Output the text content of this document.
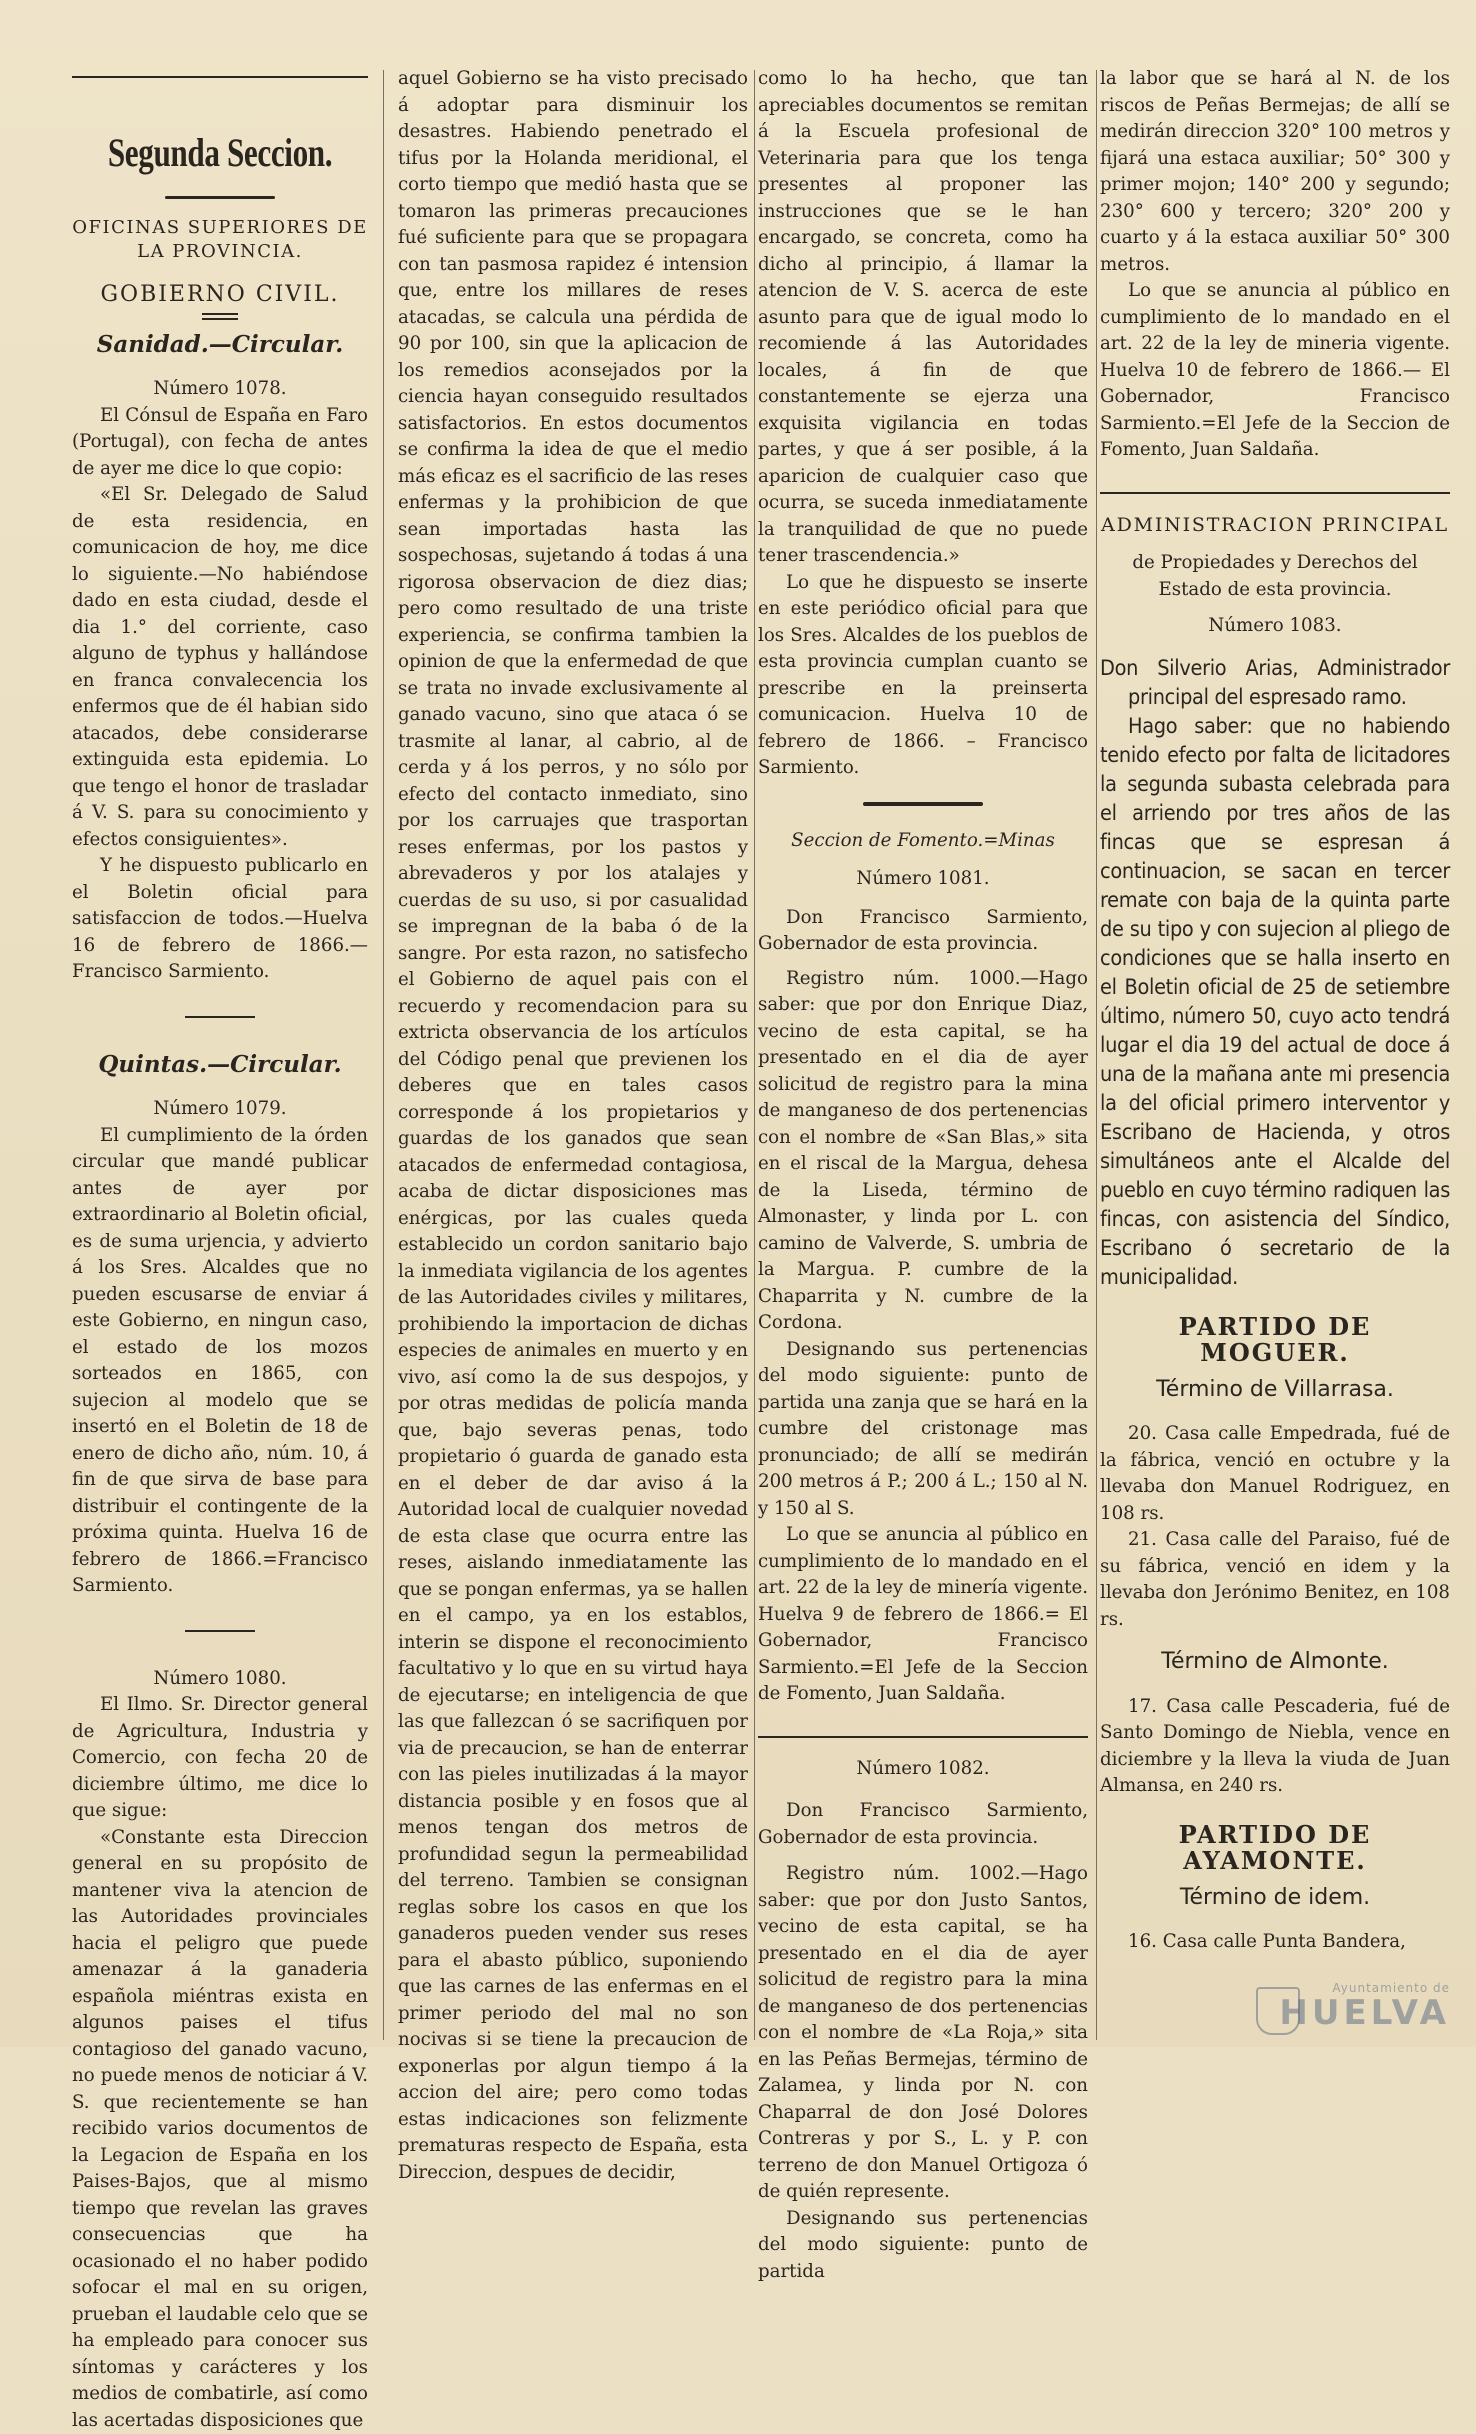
Segunda Seccion.

OFICINAS SUPERIORES DE LA PROVINCIA.

GOBIERNO CIVIL.

Sanidad.—Circular.

Número 1078.

El Cónsul de España en Faro (Portugal), con fecha de antes de ayer me dice lo que copio:

«El Sr. Delegado de Salud de esta residencia, en comunicacion de hoy, me dice lo siguiente.—No habiéndose dado en esta ciudad, desde el dia 1.° del corriente, caso alguno de typhus y hallándose en franca convalecencia los enfermos que de él habian sido atacados, debe considerarse extinguida esta epidemia. Lo que tengo el honor de trasladar á V. S. para su conocimiento y efectos consiguientes».

Y he dispuesto publicarlo en el Boletin oficial para satisfaccion de todos.—Huelva 16 de febrero de 1866.—Francisco Sarmiento.

Quintas.—Circular.

Número 1079.

El cumplimiento de la órden circular que mandé publicar antes de ayer por extraordinario al Boletin oficial, es de suma urjencia, y advierto á los Sres. Alcaldes que no pueden escusarse de enviar á este Gobierno, en ningun caso, el estado de los mozos sorteados en 1865, con sujecion al modelo que se insertó en el Boletin de 18 de enero de dicho año, núm. 10, á fin de que sirva de base para distribuir el contingente de la próxima quinta. Huelva 16 de febrero de 1866.=Francisco Sarmiento.

Número 1080.

El Ilmo. Sr. Director general de Agricultura, Industria y Comercio, con fecha 20 de diciembre último, me dice lo que sigue:

«Constante esta Direccion general en su propósito de mantener viva la atencion de las Autoridades provinciales hacia el peligro que puede amenazar á la ganaderia española miéntras exista en algunos paises el tifus contagioso del ganado vacuno, no puede menos de noticiar á V. S. que recientemente se han recibido varios documentos de la Legacion de España en los Paises-Bajos, que al mismo tiempo que revelan las graves consecuencias que ha ocasionado el no haber podido sofocar el mal en su origen, prueban el laudable celo que se ha empleado para conocer sus síntomas y carácteres y los medios de combatirle, así como las acertadas disposiciones que

aquel Gobierno se ha visto precisado á adoptar para disminuir los desastres. Habiendo penetrado el tifus por la Holanda meridional, el corto tiempo que medió hasta que se tomaron las primeras precauciones fué suficiente para que se propagara con tan pasmosa rapidez é intension que, entre los millares de reses atacadas, se calcula una pérdida de 90 por 100, sin que la aplicacion de los remedios aconsejados por la ciencia hayan conseguido resultados satisfactorios. En estos documentos se confirma la idea de que el medio más eficaz es el sacrificio de las reses enfermas y la prohibicion de que sean importadas hasta las sospechosas, sujetando á todas á una rigorosa observacion de diez dias; pero como resultado de una triste experiencia, se confirma tambien la opinion de que la enfermedad de que se trata no invade exclusivamente al ganado vacuno, sino que ataca ó se trasmite al lanar, al cabrio, al de cerda y á los perros, y no sólo por efecto del contacto inmediato, sino por los carruajes que trasportan reses enfermas, por los pastos y abrevaderos y por los atalajes y cuerdas de su uso, si por casualidad se impregnan de la baba ó de la sangre. Por esta razon, no satisfecho el Gobierno de aquel pais con el recuerdo y recomendacion para su extricta observancia de los artículos del Código penal que previenen los deberes que en tales casos corresponde á los propietarios y guardas de los ganados que sean atacados de enfermedad contagiosa, acaba de dictar disposiciones mas enérgicas, por las cuales queda establecido un cordon sanitario bajo la inmediata vigilancia de los agentes de las Autoridades civiles y militares, prohibiendo la importacion de dichas especies de animales en muerto y en vivo, así como la de sus despojos, y por otras medidas de policía manda que, bajo severas penas, todo propietario ó guarda de ganado esta en el deber de dar aviso á la Autoridad local de cualquier novedad de esta clase que ocurra entre las reses, aislando inmediatamente las que se pongan enfermas, ya se hallen en el campo, ya en los establos, interin se dispone el reconocimiento facultativo y lo que en su virtud haya de ejecutarse; en inteligencia de que las que fallezcan ó se sacrifiquen por via de precaucion, se han de enterrar con las pieles inutilizadas á la mayor distancia posible y en fosos que al menos tengan dos metros de profundidad segun la permeabilidad del terreno. Tambien se consignan reglas sobre los casos en que los ganaderos pueden vender sus reses para el abasto público, suponiendo que las carnes de las enfermas en el primer periodo del mal no son nocivas si se tiene la precaucion de exponerlas por algun tiempo á la accion del aire; pero como todas estas indicaciones son felizmente prematuras respecto de España, esta Direccion, despues de decidir,

como lo ha hecho, que tan apreciables documentos se remitan á la Escuela profesional de Veterinaria para que los tenga presentes al proponer las instrucciones que se le han encargado, se concreta, como ha dicho al principio, á llamar la atencion de V. S. acerca de este asunto para que de igual modo lo recomiende á las Autoridades locales, á fin de que constantemente se ejerza una exquisita vigilancia en todas partes, y que á ser posible, á la aparicion de cualquier caso que ocurra, se suceda inmediatamente la tranquilidad de que no puede tener trascendencia.»

Lo que he dispuesto se inserte en este periódico oficial para que los Sres. Alcaldes de los pueblos de esta provincia cumplan cuanto se prescribe en la preinserta comunicacion. Huelva 10 de febrero de 1866. – Francisco Sarmiento.

Seccion de Fomento.=Minas

Número 1081.

Don Francisco Sarmiento, Gobernador de esta provincia.

Registro núm. 1000.—Hago saber: que por don Enrique Diaz, vecino de esta capital, se ha presentado en el dia de ayer solicitud de registro para la mina de manganeso de dos pertenencias con el nombre de «San Blas,» sita en el riscal de la Margua, dehesa de la Liseda, término de Almonaster, y linda por L. con camino de Valverde, S. umbria de la Margua. P. cumbre de la Chaparrita y N. cumbre de la Cordona.

Designando sus pertenencias del modo siguiente: punto de partida una zanja que se hará en la cumbre del cristonage mas pronunciado; de allí se medirán 200 metros á P.; 200 á L.; 150 al N. y 150 al S.

Lo que se anuncia al público en cumplimiento de lo mandado en el art. 22 de la ley de minería vigente. Huelva 9 de febrero de 1866.= El Gobernador, Francisco Sarmiento.=El Jefe de la Seccion de Fomento, Juan Saldaña.

Número 1082.

Don Francisco Sarmiento, Gobernador de esta provincia.

Registro núm. 1002.—Hago saber: que por don Justo Santos, vecino de esta capital, se ha presentado en el dia de ayer solicitud de registro para la mina de manganeso de dos pertenencias con el nombre de «La Roja,» sita en las Peñas Bermejas, término de Zalamea, y linda por N. con Chaparral de don José Dolores Contreras y por S., L. y P. con terreno de don Manuel Ortigoza ó de quién represente.

Designando sus pertenencias del modo siguiente: punto de partida

la labor que se hará al N. de los riscos de Peñas Bermejas; de allí se medirán direccion 320° 100 metros y fijará una estaca auxiliar; 50° 300 y primer mojon; 140° 200 y segundo; 230° 600 y tercero; 320° 200 y cuarto y á la estaca auxiliar 50° 300 metros.

Lo que se anuncia al público en cumplimiento de lo mandado en el art. 22 de la ley de mineria vigente. Huelva 10 de febrero de 1866.— El Gobernador, Francisco Sarmiento.=El Jefe de la Seccion de Fomento, Juan Saldaña.

ADMINISTRACION PRINCIPAL

de Propiedades y Derechos del Estado de esta provincia.

Número 1083.

Don Silverio Arias, Administrador principal del espresado ramo.

Hago saber: que no habiendo tenido efecto por falta de licitadores la segunda subasta celebrada para el arriendo por tres años de las fincas que se espresan á continuacion, se sacan en tercer remate con baja de la quinta parte de su tipo y con sujecion al pliego de condiciones que se halla inserto en el Boletin oficial de 25 de setiembre último, número 50, cuyo acto tendrá lugar el dia 19 del actual de doce á una de la mañana ante mi presencia la del oficial primero interventor y Escribano de Hacienda, y otros simultáneos ante el Alcalde del pueblo en cuyo término radiquen las fincas, con asistencia del Síndico, Escribano ó secretario de la municipalidad.

PARTIDO DE MOGUER.

Término de Villarrasa.

20. Casa calle Empedrada, fué de la fábrica, venció en octubre y la llevaba don Manuel Rodriguez, en 108 rs.

21. Casa calle del Paraiso, fué de su fábrica, venció en idem y la llevaba don Jerónimo Benitez, en 108 rs.

Término de Almonte.

17. Casa calle Pescaderia, fué de Santo Domingo de Niebla, vence en diciembre y la lleva la viuda de Juan Almansa, en 240 rs.

PARTIDO DE AYAMONTE.

Término de idem.

16. Casa calle Punta Bandera,

Ayuntamiento de
HUELVA
